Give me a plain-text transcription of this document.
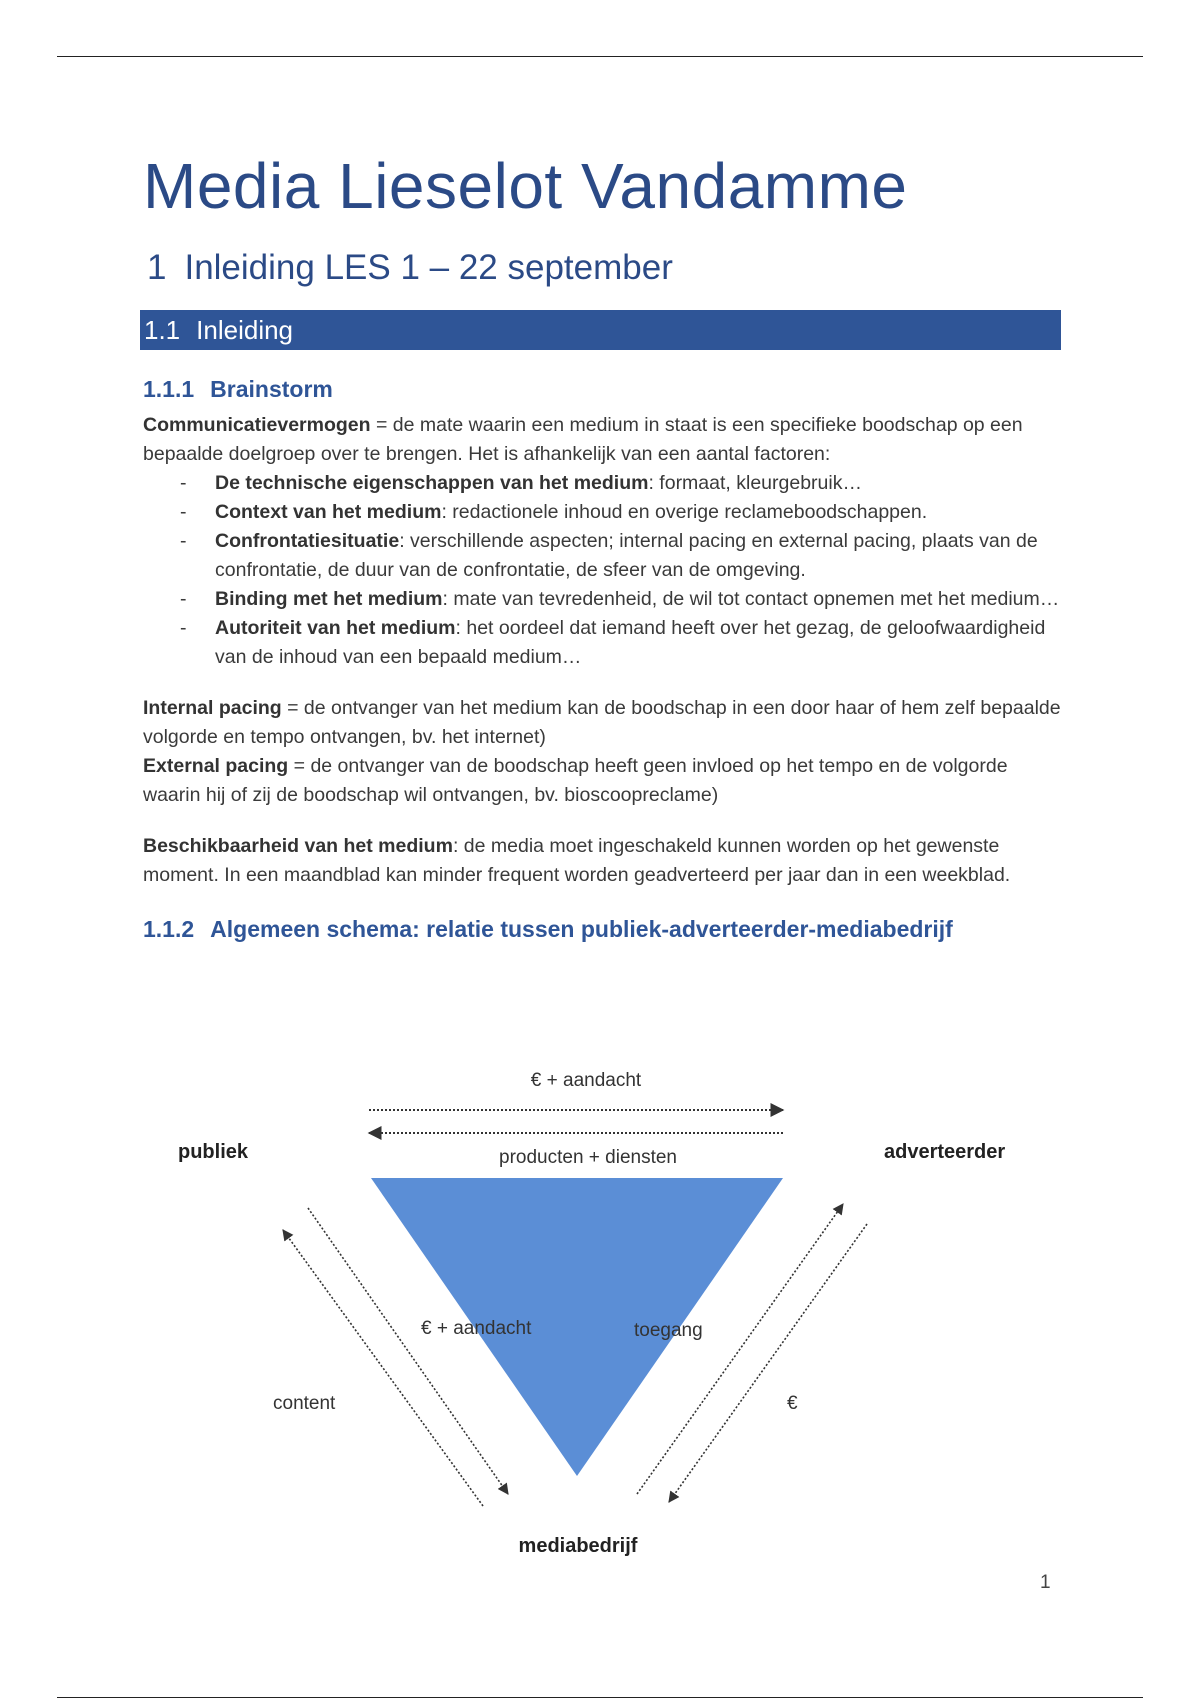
Media Lieselot Vandamme
1 Inleiding LES 1 – 22 september
1.1 Inleiding
1.1.1 Brainstorm

Communicatievermogen = de mate waarin een medium in staat is een specifieke boodschap op een bepaalde doelgroep over te brengen. Het is afhankelijk van een aantal factoren:

- De technische eigenschappen van het medium: formaat, kleurgebruik…
- Context van het medium: redactionele inhoud en overige reclameboodschappen.
- Confrontatiesituatie: verschillende aspecten; internal pacing en external pacing, plaats van de confrontatie, de duur van de confrontatie, de sfeer van de omgeving.
- Binding met het medium: mate van tevredenheid, de wil tot contact opnemen met het medium…
- Autoriteit van het medium: het oordeel dat iemand heeft over het gezag, de geloofwaardigheid van de inhoud van een bepaald medium…

Internal pacing = de ontvanger van het medium kan de boodschap in een door haar of hem zelf bepaalde volgorde en tempo ontvangen, bv. het internet)

External pacing = de ontvanger van de boodschap heeft geen invloed op het tempo en de volgorde waarin hij of zij de boodschap wil ontvangen, bv. bioscoopreclame)

Beschikbaarheid van het medium: de media moet ingeschakeld kunnen worden op het gewenste moment. In een maandblad kan minder frequent worden geadverteerd per jaar dan in een weekblad.

1.1.2 Algemeen schema: relatie tussen publiek-adverteerder-mediabedrijf
€ + aandacht
producten + diensten
publiek	adverteerder
mediabedrijf
€ + aandacht
content
toegang
€
1
